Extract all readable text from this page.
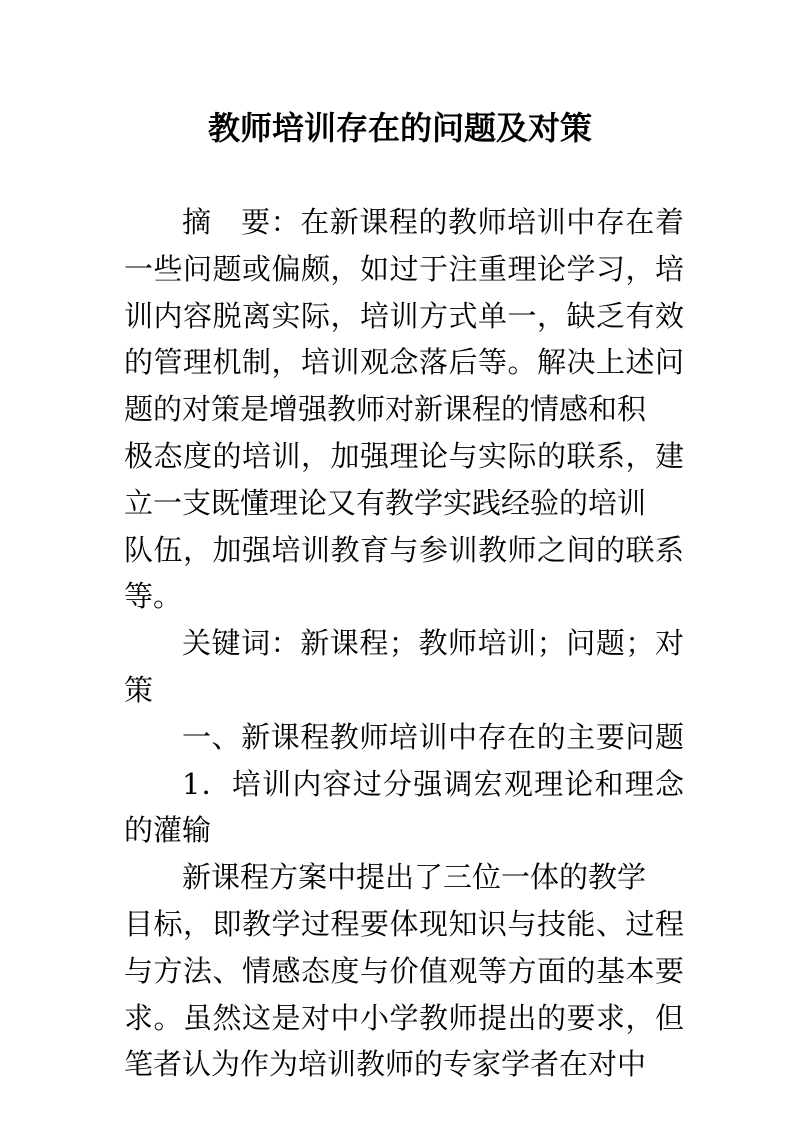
教师培训存在的问题及对策
摘　要：在新课程的教师培训中存在着
一些问题或偏颇，如过于注重理论学习，培
训内容脱离实际，培训方式单一，缺乏有效
的管理机制，培训观念落后等。解决上述问
题的对策是增强教师对新课程的情感和积
极态度的培训，加强理论与实际的联系，建
立一支既懂理论又有教学实践经验的培训
队伍，加强培训教育与参训教师之间的联系
等。
关键词：新课程；教师培训；问题；对
策
一、新课程教师培训中存在的主要问题
1．培训内容过分强调宏观理论和理念
的灌输
新课程方案中提出了三位一体的教学
目标，即教学过程要体现知识与技能、过程
与方法、情感态度与价值观等方面的基本要
求。虽然这是对中小学教师提出的要求，但
笔者认为作为培训教师的专家学者在对中
